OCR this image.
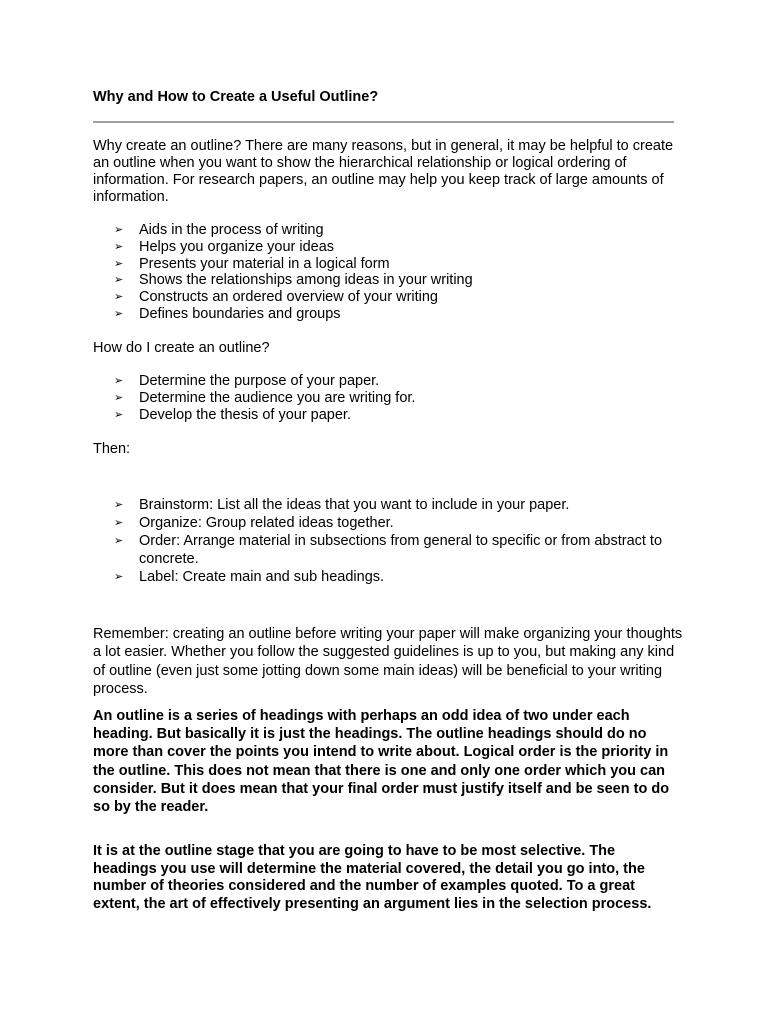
Why and How to Create a Useful Outline?

Why create an outline? There are many reasons, but in general, it may be helpful to create an outline when you want to show the hierarchical relationship or logical ordering of information. For research papers, an outline may help you keep track of large amounts of information.

➢ Aids in the process of writing
➢ Helps you organize your ideas
➢ Presents your material in a logical form
➢ Shows the relationships among ideas in your writing
➢ Constructs an ordered overview of your writing
➢ Defines boundaries and groups

How do I create an outline?

➢ Determine the purpose of your paper.
➢ Determine the audience you are writing for.
➢ Develop the thesis of your paper.

Then:

➢ Brainstorm: List all the ideas that you want to include in your paper.
➢ Organize: Group related ideas together.
➢ Order: Arrange material in subsections from general to specific or from abstract to concrete.
➢ Label: Create main and sub headings.

Remember: creating an outline before writing your paper will make organizing your thoughts a lot easier. Whether you follow the suggested guidelines is up to you, but making any kind of outline (even just some jotting down some main ideas) will be beneficial to your writing process.

An outline is a series of headings with perhaps an odd idea of two under each heading. But basically it is just the headings. The outline headings should do no more than cover the points you intend to write about. Logical order is the priority in the outline. This does not mean that there is one and only one order which you can consider. But it does mean that your final order must justify itself and be seen to do so by the reader.

It is at the outline stage that you are going to have to be most selective. The headings you use will determine the material covered, the detail you go into, the number of theories considered and the number of examples quoted. To a great extent, the art of effectively presenting an argument lies in the selection process.
